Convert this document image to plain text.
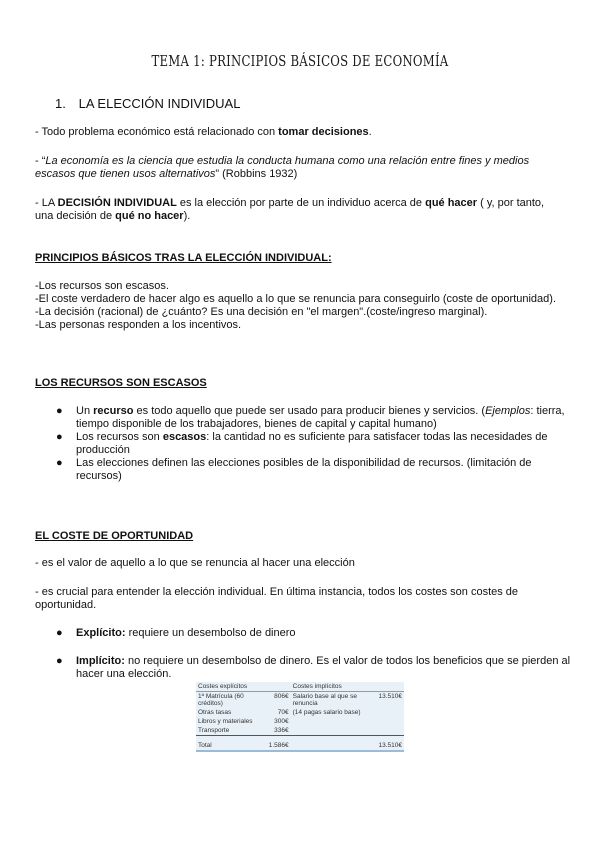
TEMA 1: PRINCIPIOS BÁSICOS DE ECONOMÍA
1. LA ELECCIÓN INDIVIDUAL
- Todo problema económico está relacionado con tomar decisiones.
- “La economía es la ciencia que estudia la conducta humana como una relación entre fines y medios escasos que tienen usos alternativos” (Robbins 1932)
- LA DECISIÓN INDIVIDUAL es la elección por parte de un individuo acerca de qué hacer ( y, por tanto, una decisión de qué no hacer).
PRINCIPIOS BÁSICOS TRAS LA ELECCIÓN INDIVIDUAL:
-Los recursos son escasos.
-El coste verdadero de hacer algo es aquello a lo que se renuncia para conseguirlo (coste de oportunidad).
-La decisión (racional) de ¿cuánto? Es una decisión en "el margen".(coste/ingreso marginal).
-Las personas responden a los incentivos.
LOS RECURSOS SON ESCASOS
● Un recurso es todo aquello que puede ser usado para producir bienes y servicios. (Ejemplos: tierra, tiempo disponible de los trabajadores, bienes de capital y capital humano)
● Los recursos son escasos: la cantidad no es suficiente para satisfacer todas las necesidades de producción
● Las elecciones definen las elecciones posibles de la disponibilidad de recursos. (limitación de recursos)
EL COSTE DE OPORTUNIDAD
- es el valor de aquello a lo que se renuncia al hacer una elección
- es crucial para entender la elección individual. En última instancia, todos los costes son costes de oportunidad.
● Explícito: requiere un desembolso de dinero
● Implícito: no requiere un desembolso de dinero. Es el valor de todos los beneficios que se pierden al hacer una elección.
Costes explícitos		Costes implícitos	
1ª Matrícula (60 créditos)	806€	Salario base al que se renuncia	13.510€
Otras tasas	70€	(14 pagas salario base)	
Libros y materiales	300€		
Transporte	336€		
Total	1.586€		13.510€
